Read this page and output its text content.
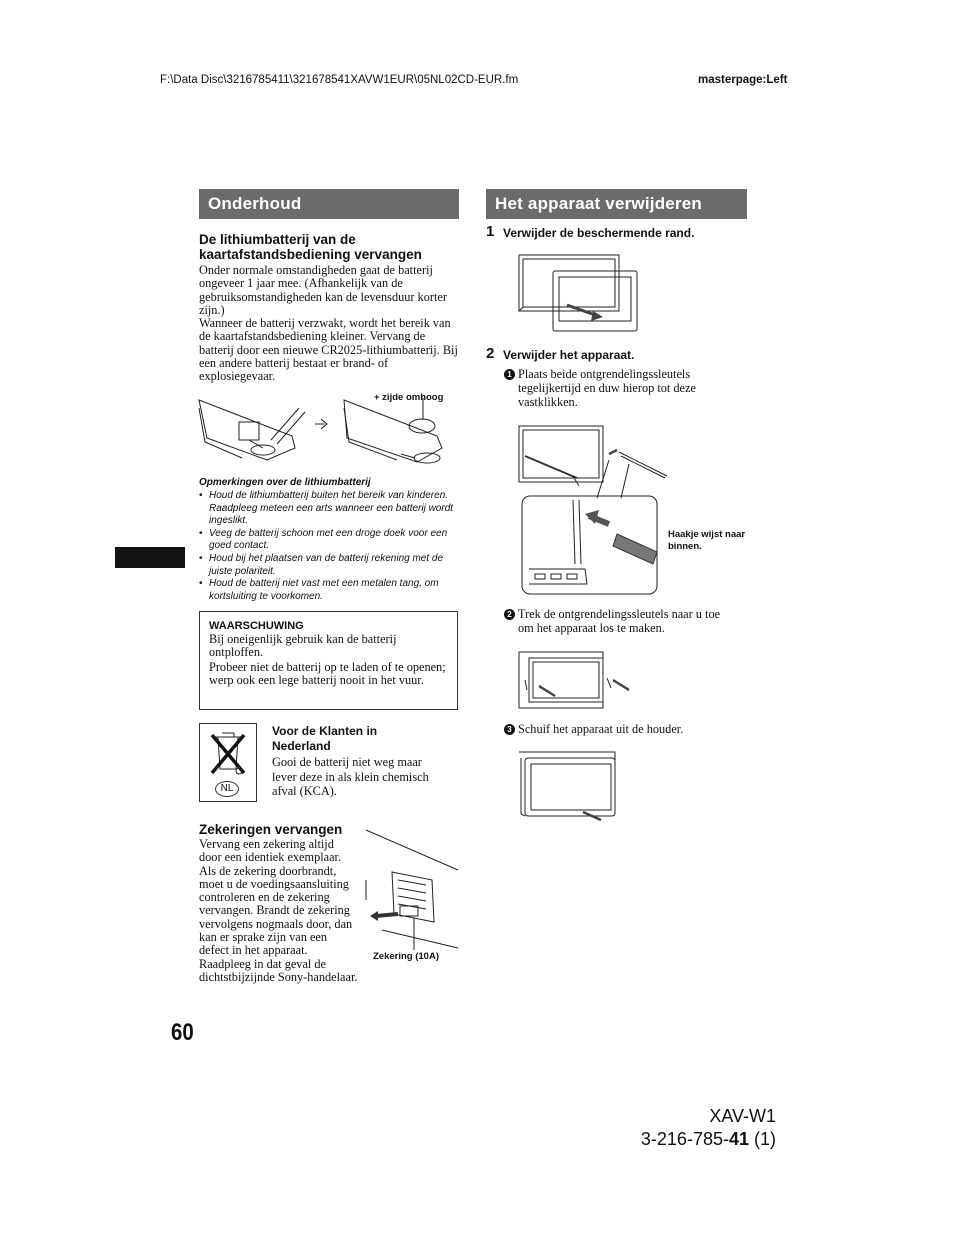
F:\Data Disc\3216785411\321678541XAVW1EUR\05NL02CD-EUR.fm	masterpage:Left
Onderhoud
De lithiumbatterij van de kaartafstandsbediening vervangen
Onder normale omstandigheden gaat de batterij ongeveer 1 jaar mee. (Afhankelijk van de gebruiksomstandigheden kan de levensduur korter zijn.)
Wanneer de batterij verzwakt, wordt het bereik van de kaartafstandsbediening kleiner. Vervang de batterij door een nieuwe CR2025-lithiumbatterij. Bij een andere batterij bestaat er brand- of explosiegevaar.
+ zijde omhoog
Opmerkingen over de lithiumbatterij
• Houd de lithiumbatterij buiten het bereik van kinderen. Raadpleeg meteen een arts wanneer een batterij wordt ingeslikt.
• Veeg de batterij schoon met een droge doek voor een goed contact.
• Houd bij het plaatsen van de batterij rekening met de juiste polariteit.
• Houd de batterij niet vast met een metalen tang, om kortsluiting te voorkomen.
WAARSCHUWING
Bij oneigenlijk gebruik kan de batterij ontploffen.
Probeer niet de batterij op te laden of te openen; werp ook een lege batterij nooit in het vuur.
NL
Voor de Klanten in Nederland
Gooi de batterij niet weg maar lever deze in als klein chemisch afval (KCA).
Zekeringen vervangen
Vervang een zekering altijd door een identiek exemplaar. Als de zekering doorbrandt, moet u de voedingsaansluiting controleren en de zekering vervangen. Brandt de zekering vervolgens nogmaals door, dan kan er sprake zijn van een defect in het apparaat. Raadpleeg in dat geval de dichtstbijzijnde Sony-handelaar.
Zekering (10A)
Het apparaat verwijderen
1 Verwijder de beschermende rand.
2 Verwijder het apparaat.
1 Plaats beide ontgrendelingssleutels tegelijkertijd en duw hierop tot deze vastklikken.
Haakje wijst naar binnen.
2 Trek de ontgrendelingssleutels naar u toe om het apparaat los te maken.
3 Schuif het apparaat uit de houder.
60
XAV-W1
3-216-785-41 (1)
